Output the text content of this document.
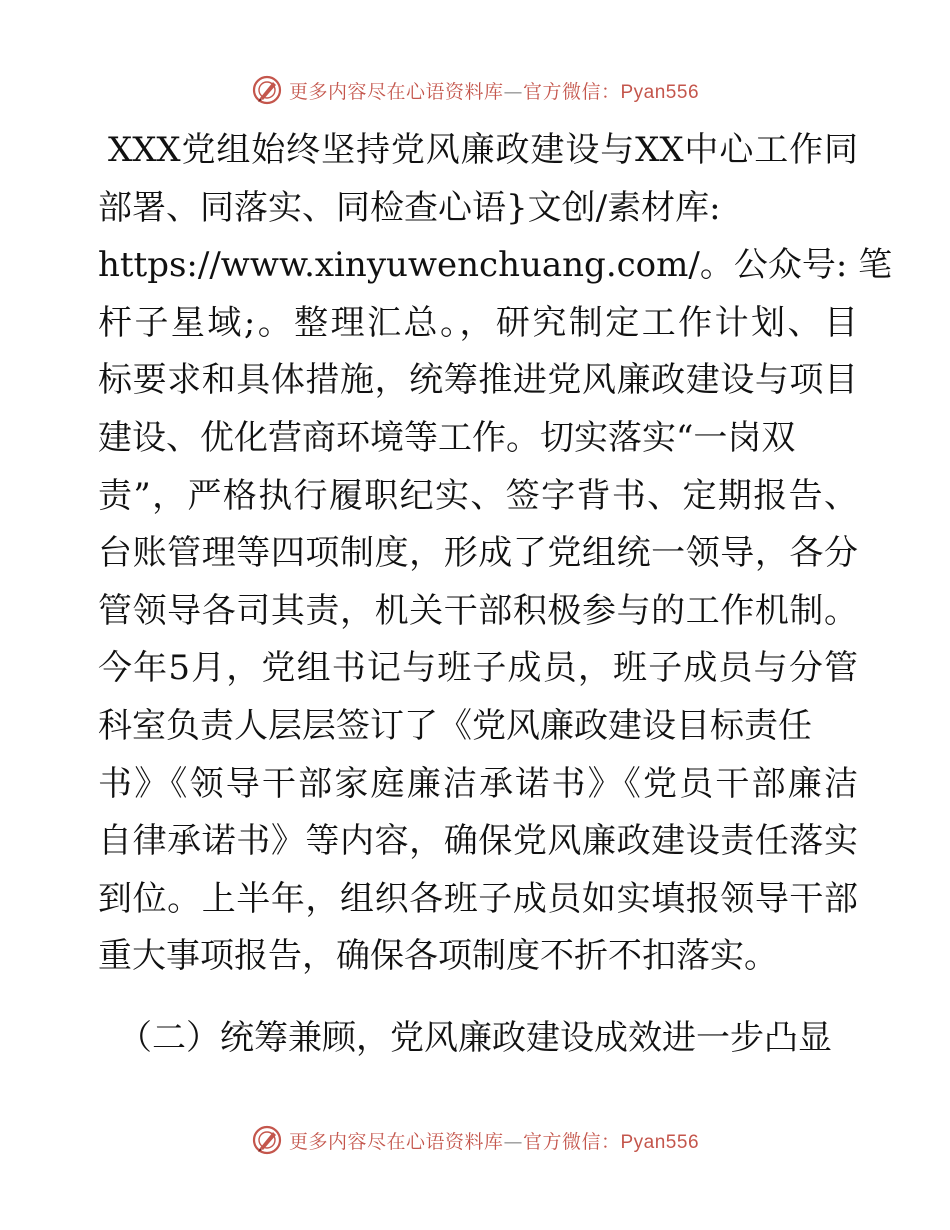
更多内容尽在心语资料库—官方微信：Pyan556
XXX党组始终坚持党风廉政建设与XX中心工作同
部署、同落实、同检查心语}文创/素材库:
https://www.xinyuwenchuang.com/。公众号: 笔
杆子星域;。整理汇总。，研究制定工作计划、目
标要求和具体措施，统筹推进党风廉政建设与项目
建设、优化营商环境等工作。切实落实“一岗双
责”，严格执行履职纪实、签字背书、定期报告、
台账管理等四项制度，形成了党组统一领导，各分
管领导各司其责，机关干部积极参与的工作机制。
今年5月，党组书记与班子成员，班子成员与分管
科室负责人层层签订了《党风廉政建设目标责任
书》《领导干部家庭廉洁承诺书》《党员干部廉洁
自律承诺书》等内容，确保党风廉政建设责任落实
到位。上半年，组织各班子成员如实填报领导干部
重大事项报告，确保各项制度不折不扣落实。
（二）统筹兼顾，党风廉政建设成效进一步凸显
更多内容尽在心语资料库—官方微信：Pyan556
